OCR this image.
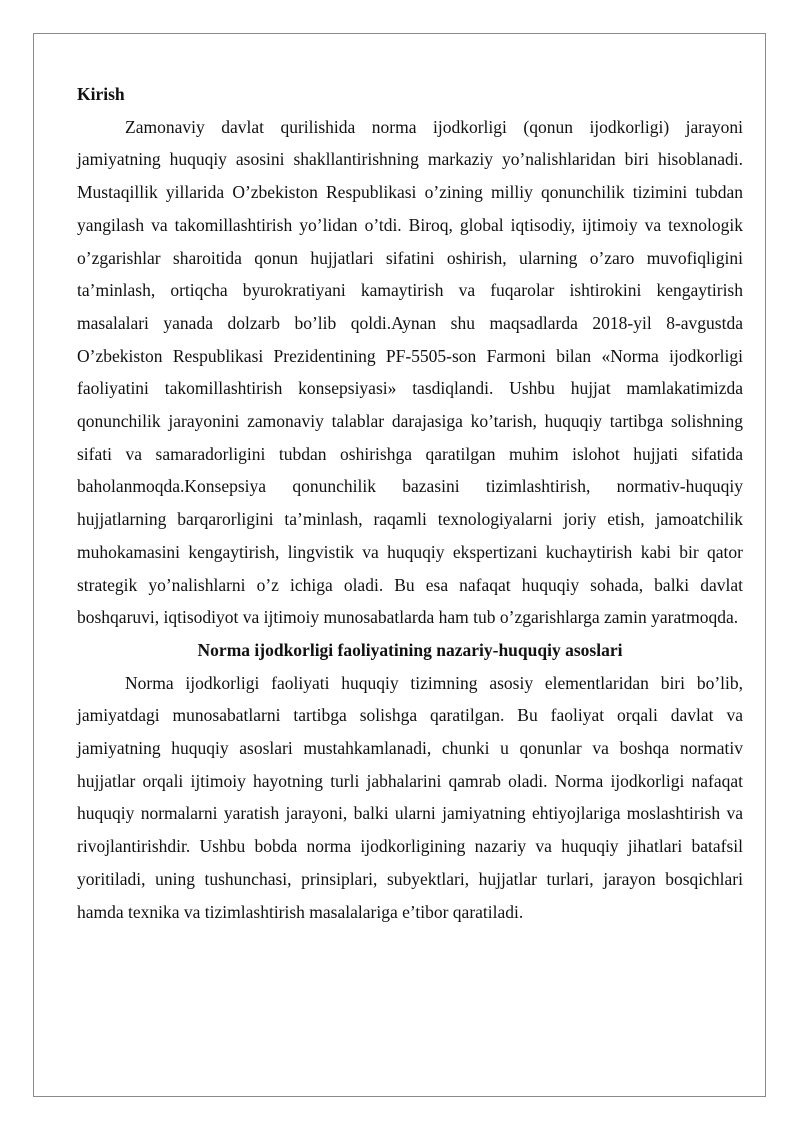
Kirish

Zamonaviy davlat qurilishida norma ijodkorligi (qonun ijodkorligi) jarayoni jamiyatning huquqiy asosini shakllantirishning markaziy yo’nalishlaridan biri hisoblanadi. Mustaqillik yillarida O’zbekiston Respublikasi o’zining milliy qonunchilik tizimini tubdan yangilash va takomillashtirish yo’lidan o’tdi. Biroq, global iqtisodiy, ijtimoiy va texnologik o’zgarishlar sharoitida qonun hujjatlari sifatini oshirish, ularning o’zaro muvofiqligini ta’minlash, ortiqcha byurokratiyani kamaytirish va fuqarolar ishtirokini kengaytirish masalalari yanada dolzarb bo’lib qoldi.Aynan shu maqsadlarda 2018-yil 8-avgustda O’zbekiston Respublikasi Prezidentining PF-5505-son Farmoni bilan «Norma ijodkorligi faoliyatini takomillashtirish konsepsiyasi» tasdiqlandi. Ushbu hujjat mamlakatimizda qonunchilik jarayonini zamonaviy talablar darajasiga ko’tarish, huquqiy tartibga solishning sifati va samaradorligini tubdan oshirishga qaratilgan muhim islohot hujjati sifatida baholanmoqda.Konsepsiya qonunchilik bazasini tizimlashtirish, normativ-huquqiy hujjatlarning barqarorligini ta’minlash, raqamli texnologiyalarni joriy etish, jamoatchilik muhokamasini kengaytirish, lingvistik va huquqiy ekspertizani kuchaytirish kabi bir qator strategik yo’nalishlarni o’z ichiga oladi. Bu esa nafaqat huquqiy sohada, balki davlat boshqaruvi, iqtisodiyot va ijtimoiy munosabatlarda ham tub o’zgarishlarga zamin yaratmoqda.

Norma ijodkorligi faoliyatining nazariy-huquqiy asoslari

Norma ijodkorligi faoliyati huquqiy tizimning asosiy elementlaridan biri bo’lib, jamiyatdagi munosabatlarni tartibga solishga qaratilgan. Bu faoliyat orqali davlat va jamiyatning huquqiy asoslari mustahkamlanadi, chunki u qonunlar va boshqa normativ hujjatlar orqali ijtimoiy hayotning turli jabhalarini qamrab oladi. Norma ijodkorligi nafaqat huquqiy normalarni yaratish jarayoni, balki ularni jamiyatning ehtiyojlariga moslashtirish va rivojlantirishdir. Ushbu bobda norma ijodkorligining nazariy va huquqiy jihatlari batafsil yoritiladi, uning tushunchasi, prinsiplari, subyektlari, hujjatlar turlari, jarayon bosqichlari hamda texnika va tizimlashtirish masalalariga e’tibor qaratiladi.
